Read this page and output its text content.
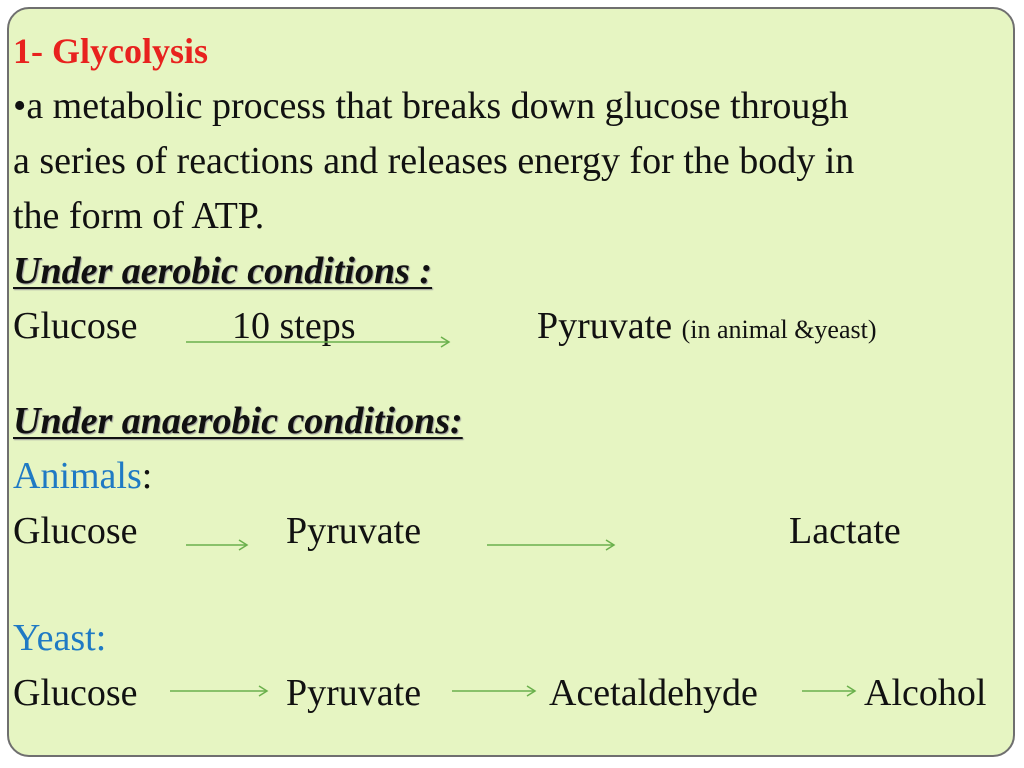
1- Glycolysis
•a metabolic process that breaks down glucose through
a series of reactions and releases energy for the body in
the form of ATP.
Under aerobic conditions :
Glucose 10 steps	Pyruvate (in animal &yeast)
Under anaerobic conditions:
Animals:
Glucose	Pyruvate	Lactate
Yeast:
Glucose	Pyruvate	Acetaldehyde	Alcohol
